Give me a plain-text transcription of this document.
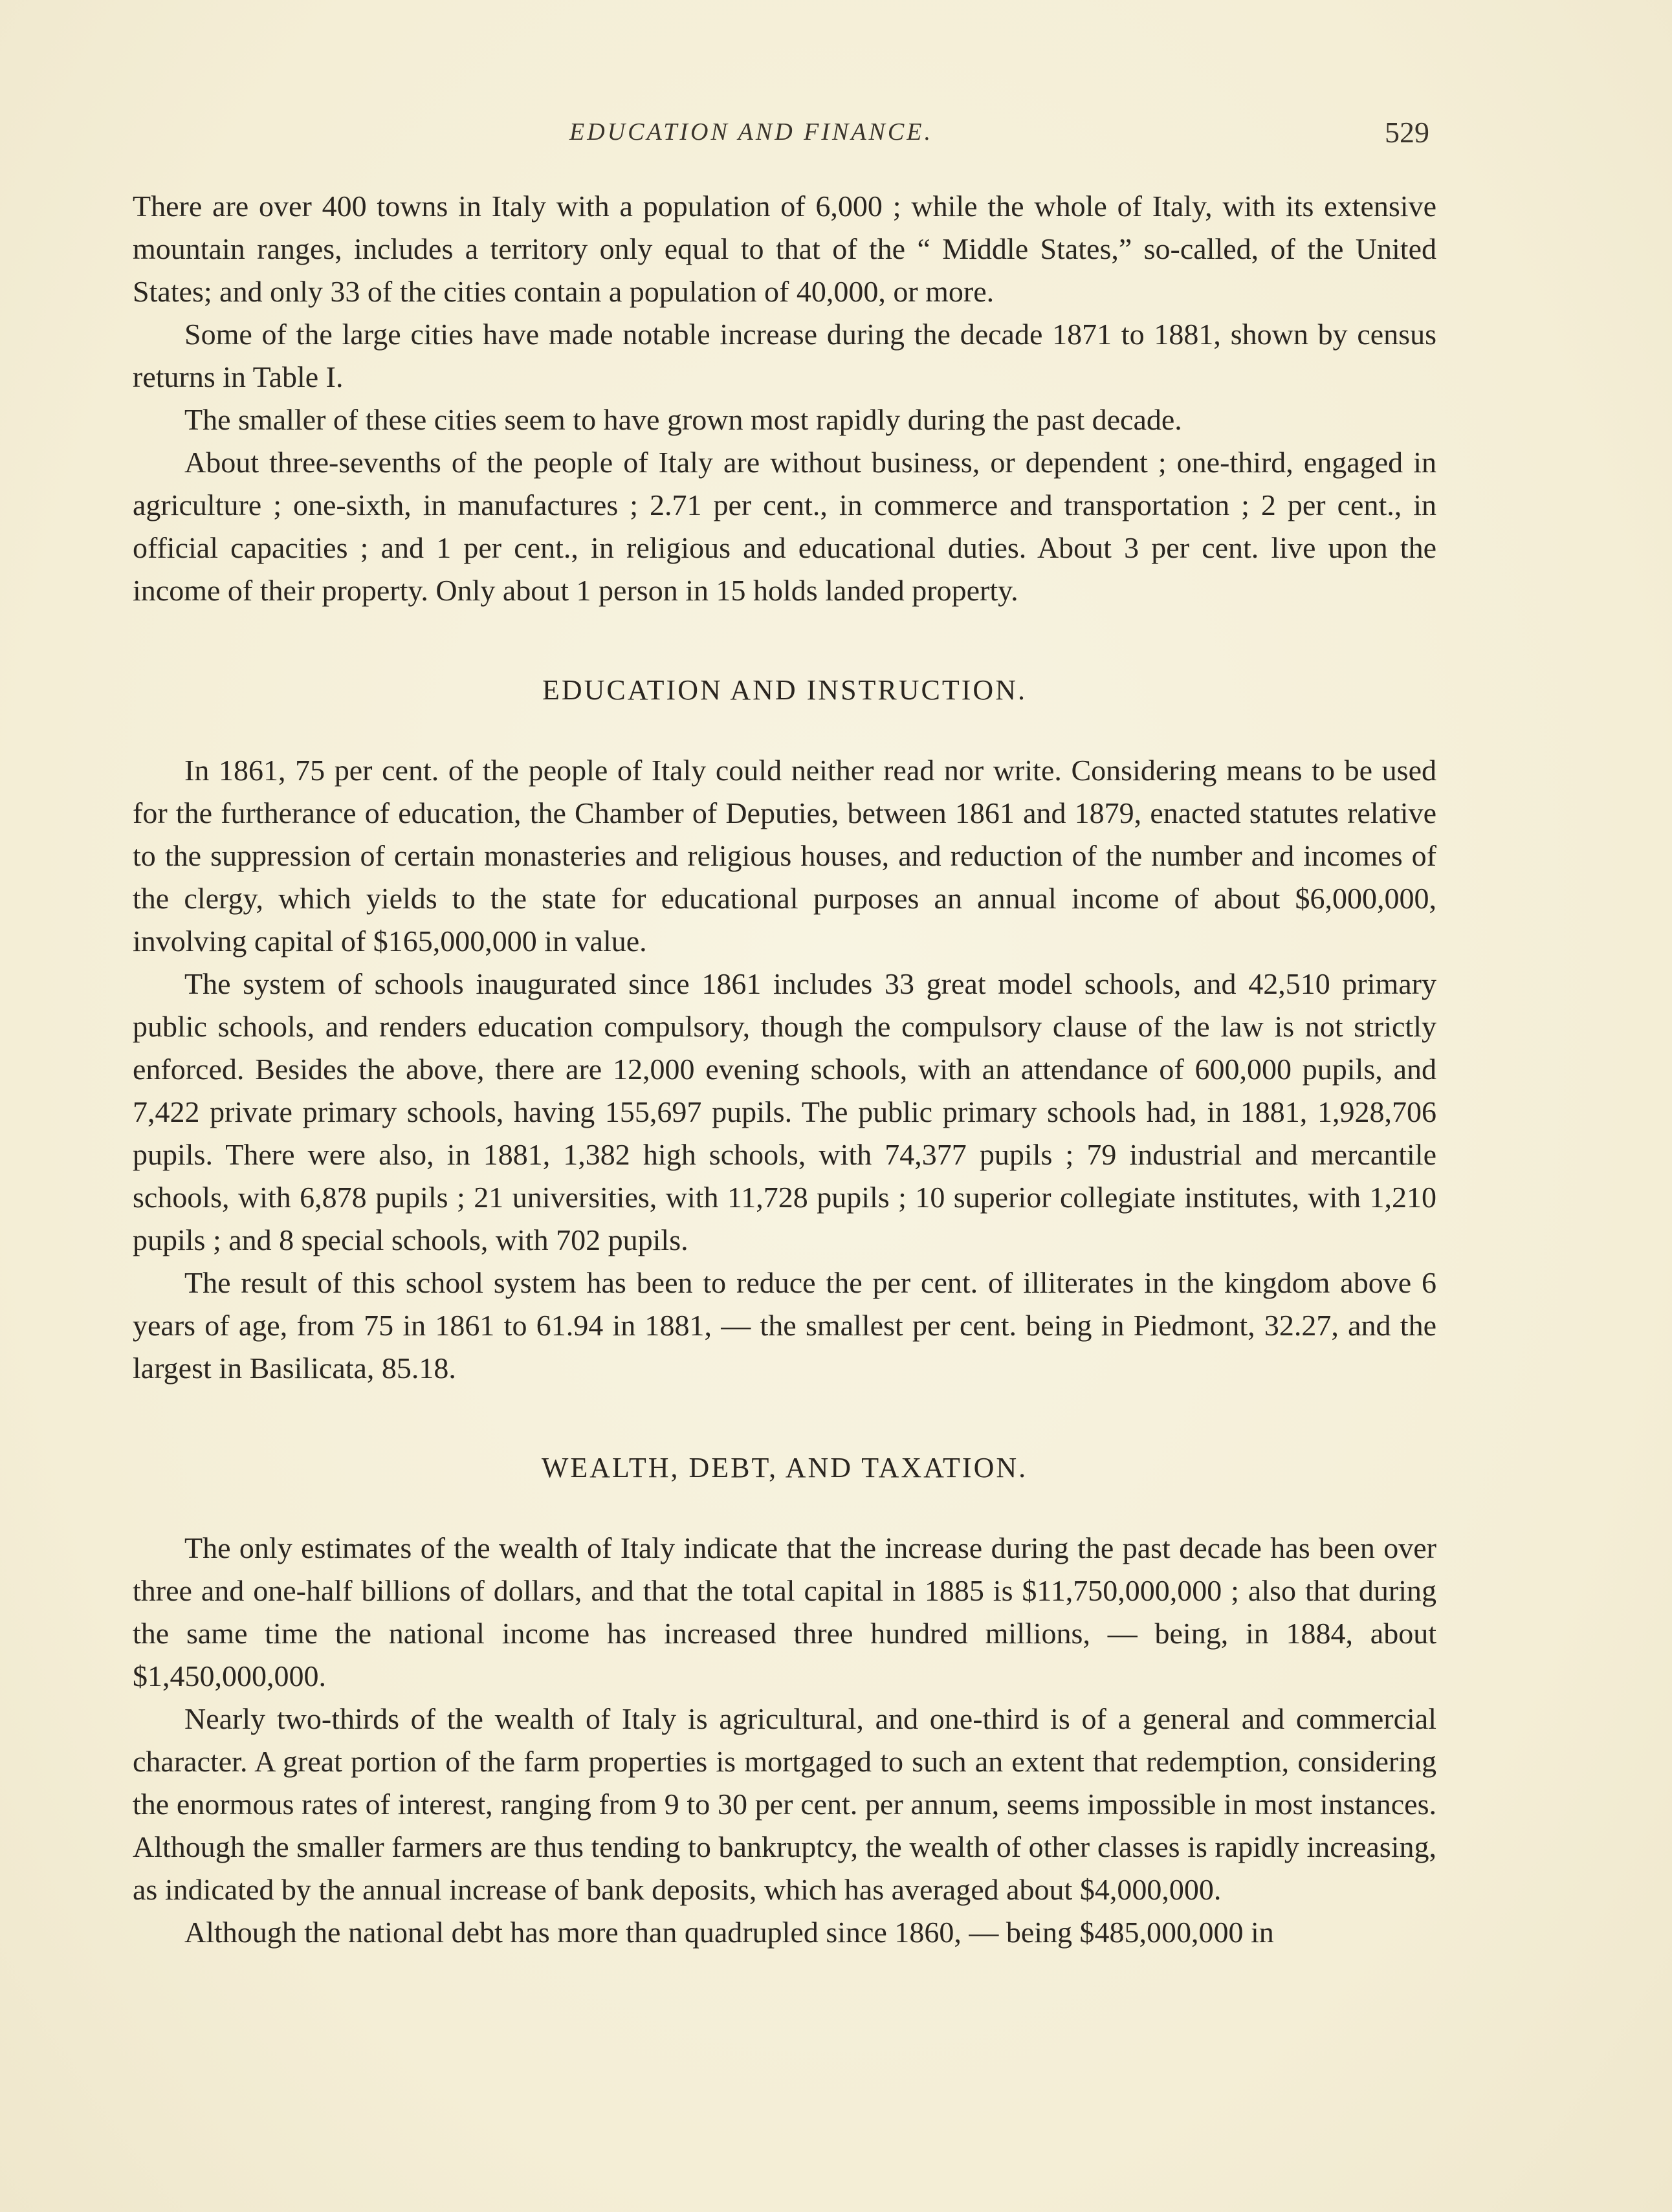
EDUCATION AND FINANCE.	529

There are over 400 towns in Italy with a population of 6,000 ; while the whole of Italy, with its extensive mountain ranges, includes a territory only equal to that of the “ Middle States,” so-called, of the United States; and only 33 of the cities contain a population of 40,000, or more.

Some of the large cities have made notable increase during the decade 1871 to 1881, shown by census returns in Table I.

The smaller of these cities seem to have grown most rapidly during the past decade.

About three-sevenths of the people of Italy are without business, or dependent ; one-third, engaged in agriculture ; one-sixth, in manufactures ; 2.71 per cent., in commerce and transportation ; 2 per cent., in official capacities ; and 1 per cent., in religious and educational duties. About 3 per cent. live upon the income of their property. Only about 1 person in 15 holds landed property.

EDUCATION AND INSTRUCTION.

In 1861, 75 per cent. of the people of Italy could neither read nor write. Considering means to be used for the furtherance of education, the Chamber of Deputies, between 1861 and 1879, enacted statutes relative to the suppression of certain monasteries and religious houses, and reduction of the number and incomes of the clergy, which yields to the state for educational purposes an annual income of about $6,000,000, involving capital of $165,000,000 in value.

The system of schools inaugurated since 1861 includes 33 great model schools, and 42,510 primary public schools, and renders education compulsory, though the compulsory clause of the law is not strictly enforced. Besides the above, there are 12,000 evening schools, with an attendance of 600,000 pupils, and 7,422 private primary schools, having 155,697 pupils. The public primary schools had, in 1881, 1,928,706 pupils. There were also, in 1881, 1,382 high schools, with 74,377 pupils ; 79 industrial and mercantile schools, with 6,878 pupils ; 21 universities, with 11,728 pupils ; 10 superior collegiate institutes, with 1,210 pupils ; and 8 special schools, with 702 pupils.

The result of this school system has been to reduce the per cent. of illiterates in the kingdom above 6 years of age, from 75 in 1861 to 61.94 in 1881, — the smallest per cent. being in Piedmont, 32.27, and the largest in Basilicata, 85.18.

WEALTH, DEBT, AND TAXATION.

The only estimates of the wealth of Italy indicate that the increase during the past decade has been over three and one-half billions of dollars, and that the total capital in 1885 is $11,750,000,000 ; also that during the same time the national income has increased three hundred millions, — being, in 1884, about $1,450,000,000.

Nearly two-thirds of the wealth of Italy is agricultural, and one-third is of a general and commercial character. A great portion of the farm properties is mortgaged to such an extent that redemption, considering the enormous rates of interest, ranging from 9 to 30 per cent. per annum, seems impossible in most instances. Although the smaller farmers are thus tending to bankruptcy, the wealth of other classes is rapidly increasing, as indicated by the annual increase of bank deposits, which has averaged about $4,000,000.

Although the national debt has more than quadrupled since 1860, — being $485,000,000 in
